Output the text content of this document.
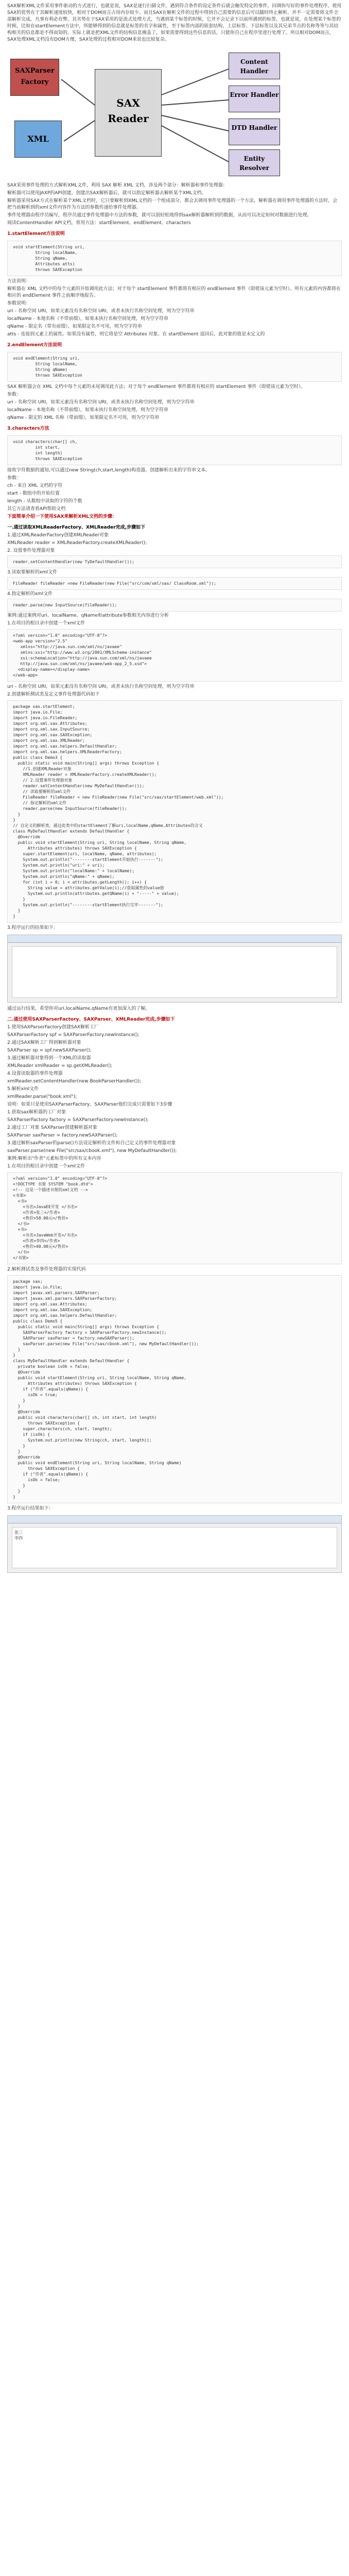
SAX解析XML文件采用事件驱动的方式进行，也就是说，SAX是逐行扫描文件，遇到符合条件的设定条件后就会触发特定的事件，回调你写好的事件处理程序。使用SAX的优势在于其解析速度较快，相对于DOM而言占用内存较少。而且SAX在解析文件的过程中得到自己需要的信息后可以随时终止解析，并不一定需要将文件全部解析完成。凡事有利必有弊，其劣势在于SAX采用的是流式处理方式，当遇到某个标签的时候，它并不会记录下以前所遇到的标签，也就是说，在处理某个标签的时候，比如在startElement方法中，所能够得到的信息就是标签的名字和属性，至于标签内部的嵌套结构，上层标签、下层标签以及其兄弟节点的名称等等与其结构相关的信息都是不得而知的。实际上就是把XML文件的结构信息掩盖了，如果需要得到这些信息的话，只能你自己在程序里进行处理了。所以相对DOM而言，SAX处理XML文档没有DOM方便，SAX处理的过程相对DOM来说也比较复杂。

SAXParser Factory
XML
SAX Reader
Content Handler
Error Handler
DTD Handler
Entity Resolver

SAX采用事件处理的方式解析XML文件，利用 SAX 解析 XML 文档，涉及两个部分：解析器和事件处理器：

解析器可以使用JAXP的API创建，创建出SAX解析器后，就可以指定解析器去解析某个XML文档。

解析器采用SAX方式在解析某个XML文档时，它只要解析到XML文档的一个组成部分，都会去调用事件处理器的一个方法，解析器在调用事件处理器的方法时，会把当前解析到的xml文件内容作为方法的参数传递给事件处理器。

事件处理器由程序员编写，程序员通过事件处理器中方法的参数，就可以很轻松地得到sax解析器解析到的数据，从而可以决定如何对数据进行处理。

阅读ContentHandler API文档，常用方法：startElement、endElement、characters

1.startElement方法说明

void startElement(String uri,
String localName,
String qName,
Attributes atts)
throws SAXException

方法说明：

解析器在 XML 文档中的每个元素的开始调用此方法；对于每个 startElement 事件都将有相应的 endElement 事件（即使该元素为空时）。所有元素的内容都将在相应的 endElement 事件之前顺序地报告。

参数说明：

uri - 名称空间 URI，如果元素没有名称空间 URI，或者未执行名称空间处理，则为空字符串

localName - 本地名称（不带前缀），如果未执行名称空间处理，则为空字符串

qName - 限定名（带有前缀），如果限定名不可用，则为空字符串

atts - 连接到元素上的属性。如果没有属性，则它将是空 Attributes 对象。在 startElement 返回后，此对象的值是未定义的

2.endElement方法说明

void endElement(String uri,
String localName,
String qName)
throws SAXException

SAX 解析器会在 XML 文档中每个元素的末尾调用此方法；对于每个 endElement 事件都将有相应的 startElement 事件（即使该元素为空时）。

参数：

uri - 名称空间 URI，如果元素没有名称空间 URI，或者未执行名称空间处理，则为空字符串

localName - 本地名称（不带前缀），如果未执行名称空间处理，则为空字符串

qName - 限定的 XML 名称（带前缀），如果限定名不可用，则为空字符串

3.characters方法

void characters(char[] ch,
int start,
int length)
throws SAXException

接收字符数据的通知,可以通过new String(ch,start,length)构造器，创建解析出来的字符串文本。

参数：

ch - 来自 XML 文档的字符

start - 数组中的开始位置

length - 从数组中读取的字符的个数

其它方法请查看API帮助文档

下面简单介绍一下使用SAX来解析XML文档的步骤：

一.通过读取XMLReaderFactory、XMLReader完成,步骤如下

1.通过XMLReaderFactory创建XMLReader对象

XMLReader reader = XMLReaderFactory.createXMLReader();

2. 设置事件处理器对象

reader.setContentHandler(new TyDefaultHandler());

3.读取要解析的xml文件

FileReader fileReader =new FileReader(new File("src/com/xml/sax/ ClassRoom.xml"));

4.指定解析的xml文件

reader.parse(new InputSource(fileReader));

案例:通过案例对uri、localName、qName和attribute参数相关内容进行分析

1.在项目的根目录中创建一个xml文件

<?xml version="1.0" encoding="UTF-8"?>
<web-app version="2.5"
xmlns="http://java.sun.com/xml/ns/javaee"
xmlns:xsi="http://www.w3.org/2001/XMLSchema-instance"
xsi:schemaLocation="http://java.sun.com/xml/ns/javaee
http://java.sun.com/xml/ns/javaee/web-app_2_5.xsd">
<display-name></display-name>
</web-app>

uri - 名称空间 URI，如果元素没有名称空间 URI，或者未执行名称空间处理，则为空字符串

2.创建解析测试类及定义事件处理器代码如下

package sax.startElement;
import java.io.File;
import java.io.FileReader;
import org.xml.sax.Attributes;
import org.xml.sax.InputSource;
import org.xml.sax.SAXException;
import org.xml.sax.XMLReader;
import org.xml.sax.helpers.DefaultHandler;
import org.xml.sax.helpers.XMLReaderFactory;
public class Demo3 {
public static void main(String[] args) throws Exception {
//1.创建XMLReader对象
XMLReader reader = XMLReaderFactory.createXMLReader();
// 2.设置事件处理器对象
reader.setContentHandler(new MyDefaultHandler());
// 读取要解析的xml文件
FileReader fileReader = new FileReader(new File("src/sax/startElement/web.xml"));
// 指定解析的xml文件
reader.parse(new InputSource(fileReader));
}
}
// 自定义的解析类，通过此类中的startElement了解uri,localName,qName,Attributes的含义
class MyDefaultHandler extends DefaultHandler {
@Override
public void startElement(String uri, String localName, String qName,
Attributes attributes) throws SAXException {
super.startElement(uri, localName, qName, attributes);
System.out.println("--------startElement开始执行-------");
System.out.println("uri:" + uri);
System.out.println("localName:" + localName);
System.out.println("qName:" + qName);
for (int i = 0; i < attributes.getLength(); i++) {
String value = attributes.getValue(i);//获取属性的value值
System.out.println(attributes.getQName(i) + "-----" + value);
}
System.out.println("--------startElement执行完毕-------");
}
}

3.程序运行的结果如下:

通过运行结果，希望你对uri,localName,qName有更加深入的了解。

二.通过使用SAXParserFactory、SAXParser、XMLReader完成,步骤如下

1.使用SAXParserFactory创建SAX解析工厂

SAXParserFactory spf = SAXParserFactory.newInstance();

2.通过SAX解析工厂得到解析器对象

SAXParser sp = spf.newSAXParser();

3.通过解析器对象得到一个XML的读取器

XMLReader xmlReader = sp.getXMLReader();

4.设置读取器的事件处理器

xmlReader.setContentHandler(new BookParserHandler());

5.解析xml文件

xmlReader.parse("book.xml");

说明：如果只是使用SAXParserFactory、SAXParser他们完成只需要如下3步骤

1.获取sax解析器的工厂对象

SAXParserFactory factory = SAXParserFactory.newInstance();

2.通过工厂对象 SAXParser创建解析器对象

SAXParser saxParser = factory.newSAXParser();

3.通过解析saxParser的parse()方法设定解析的文件和自己定义的事件处理器对象

saxParser.parse(new File("src/sax/cbook.xml"), new MyDefaultHandler());

案例:解析出"作者"元素标签中的所有文本内容

1.在项目的根目录中创建一个xml文件

<?xml version="1.0" encoding="UTF-8"?>
<!DOCTYPE 书架 SYSTEM "book.dtd">
<!-- 这是一个描述书架的xml文档 -->
<书架>
<书>
<书名>JavaEE开发 </书名>
<作者>张三</作者>
<售价>58.00元</售价>
</书>
<书>
<书名>JavaWeb开发</书名>
<作者>李四</作者>
<售价>40.00元</售价>
</书>
</书架>

2.解析测试类及事件处理器的实现代码

package sax;
import java.io.File;
import javax.xml.parsers.SAXParser;
import javax.xml.parsers.SAXParserFactory;
import org.xml.sax.Attributes;
import org.xml.sax.SAXException;
import org.xml.sax.helpers.DefaultHandler;
public class Demo5 {
public static void main(String[] args) throws Exception {
SAXParserFactory factory = SAXParserFactory.newInstance();
SAXParser saxParser = factory.newSAXParser();
saxParser.parse(new File("src/sax/cbook.xml"), new MyDefaultHandler());
}
}
class MyDefaultHandler extends DefaultHandler {
private boolean isOk = false;
@Override
public void startElement(String uri, String localName, String qName,
Attributes attributes) throws SAXException {
if ("作者".equals(qName)) {
isOk = true;
}
}
@Override
public void characters(char[] ch, int start, int length)
throws SAXException {
super.characters(ch, start, length);
if (isOk) {
System.out.println(new String(ch, start, length));
}
}
@Override
public void endElement(String uri, String localName, String qName)
throws SAXException {
if ("作者".equals(qName)) {
isOk = false;
}
}
}

3.程序运行结果如下:

张三
李四
